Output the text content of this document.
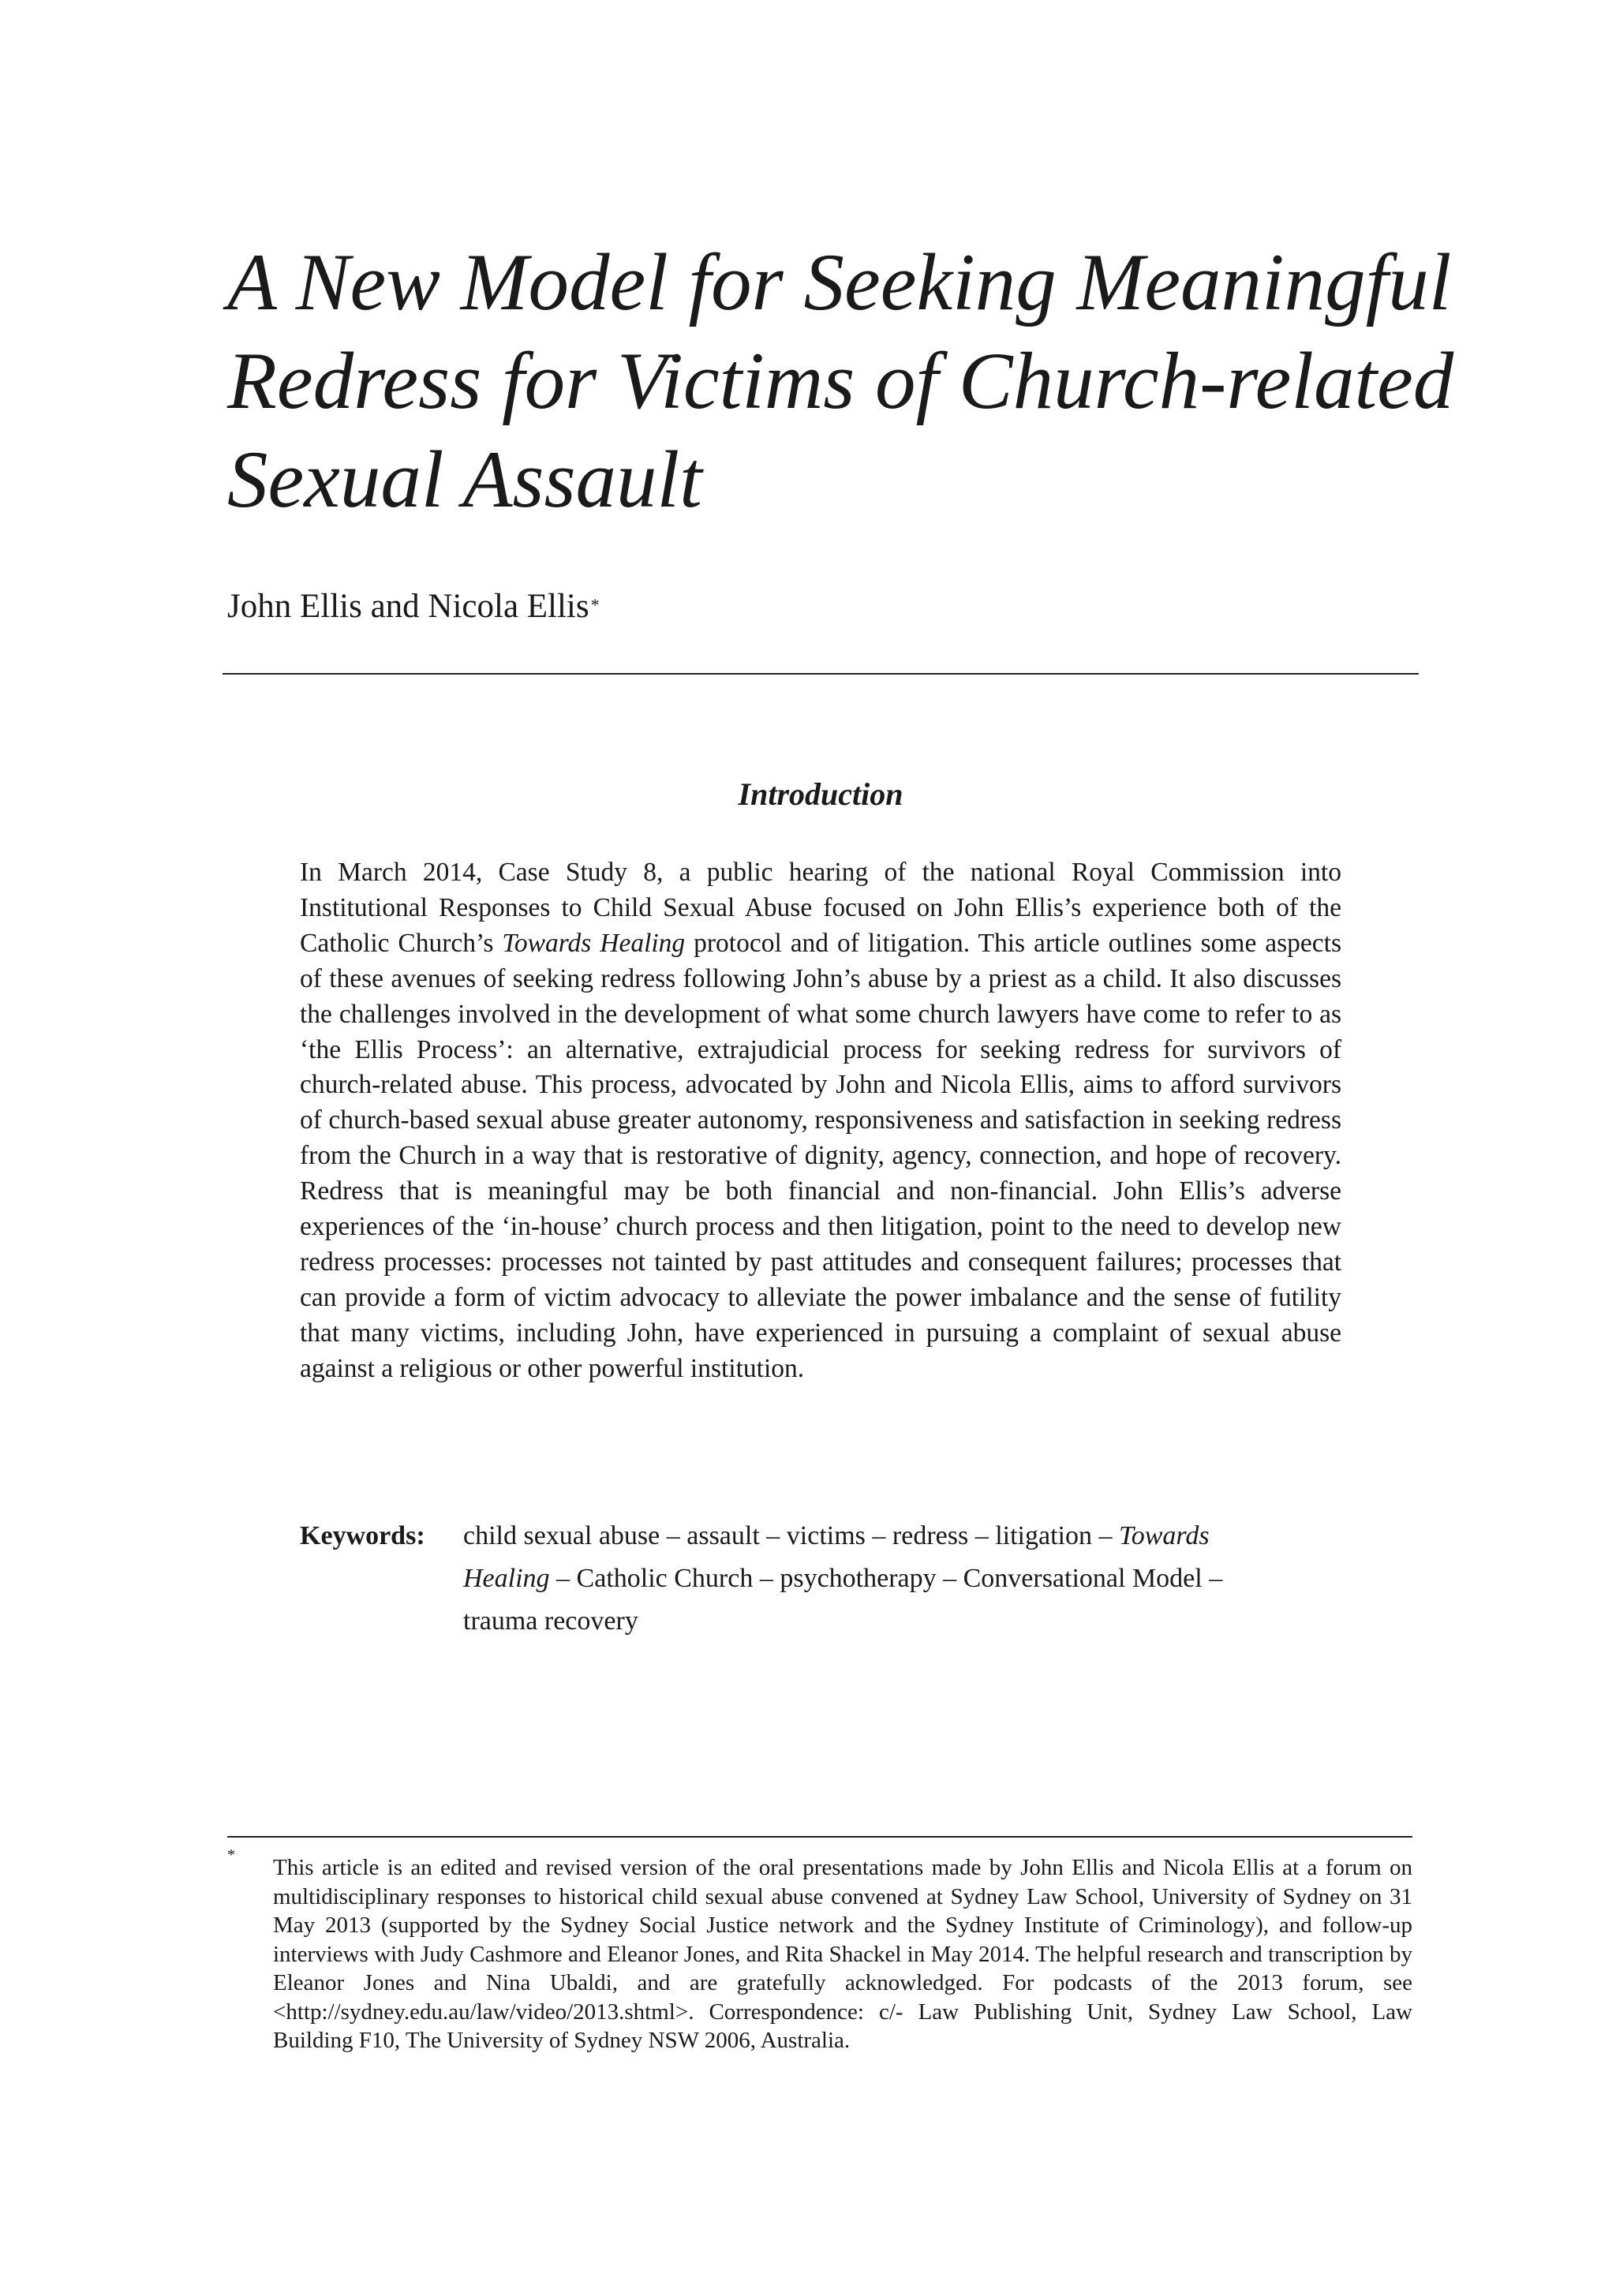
A New Model for Seeking Meaningful
Redress for Victims of Church-related
Sexual Assault
John Ellis and Nicola Ellis*
Introduction

In March 2014, Case Study 8, a public hearing of the national Royal Commission into Institutional Responses to Child Sexual Abuse focused on John Ellis’s experience both of the Catholic Church’s Towards Healing protocol and of litigation. This article outlines some aspects of these avenues of seeking redress following John’s abuse by a priest as a child. It also discusses the challenges involved in the development of what some church lawyers have come to refer to as ‘the Ellis Process’: an alternative, extrajudicial process for seeking redress for survivors of church-related abuse. This process, advocated by John and Nicola Ellis, aims to afford survivors of church-based sexual abuse greater autonomy, responsiveness and satisfaction in seeking redress from the Church in a way that is restorative of dignity, agency, connection, and hope of recovery. Redress that is meaningful may be both financial and non-financial. John Ellis’s adverse experiences of the ‘in-house’ church process and then litigation, point to the need to develop new redress processes: processes not tainted by past attitudes and consequent failures; processes that can provide a form of victim advocacy to alleviate the power imbalance and the sense of futility that many victims, including John, have experienced in pursuing a complaint of sexual abuse against a religious or other powerful institution.

Keywords: child sexual abuse – assault – victims – redress – litigation – Towards
Healing – Catholic Church – psychotherapy – Conversational Model –
trauma recovery
* This article is an edited and revised version of the oral presentations made by John Ellis and Nicola Ellis at a forum on multidisciplinary responses to historical child sexual abuse convened at Sydney Law School, University of Sydney on 31 May 2013 (supported by the Sydney Social Justice network and the Sydney Institute of Criminology), and follow-up interviews with Judy Cashmore and Eleanor Jones, and Rita Shackel in May 2014. The helpful research and transcription by Eleanor Jones and Nina Ubaldi, and are gratefully acknowledged. For podcasts of the 2013 forum, see <http://sydney.edu.au/law/video/2013.shtml>. Correspondence: c/- Law Publishing Unit, Sydney Law School, Law Building F10, The University of Sydney NSW 2006, Australia.
